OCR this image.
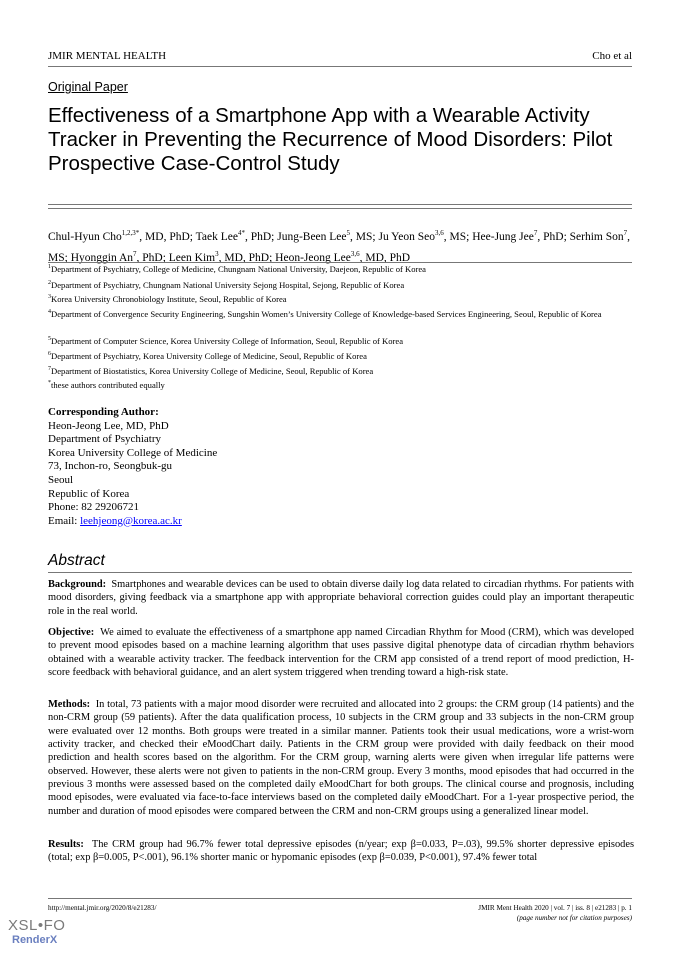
JMIR MENTAL HEALTH	Cho et al
Original Paper
Effectiveness of a Smartphone App with a Wearable Activity Tracker in Preventing the Recurrence of Mood Disorders: Pilot Prospective Case-Control Study
Chul-Hyun Cho$^{1,2,3*}$, MD, PhD; Taek Lee$^{4*}$, PhD; Jung-Been Lee$^5$, MS; Ju Yeon Seo$^{3,6}$, MS; Hee-Jung Jee$^7$, PhD; Serhim Son$^7$, MS; Hyonggin An$^7$, PhD; Leen Kim$^3$, MD, PhD; Heon-Jeong Lee$^{3,6}$, MD, PhD
$^1$Department of Psychiatry, College of Medicine, Chungnam National University, Daejeon, Republic of Korea
$^2$Department of Psychiatry, Chungnam National University Sejong Hospital, Sejong, Republic of Korea
$^3$Korea University Chronobiology Institute, Seoul, Republic of Korea
$^4$Department of Convergence Security Engineering, Sungshin Women’s University College of Knowledge-based Services Engineering, Seoul, Republic of Korea
$^5$Department of Computer Science, Korea University College of Information, Seoul, Republic of Korea
$^6$Department of Psychiatry, Korea University College of Medicine, Seoul, Republic of Korea
$^7$Department of Biostatistics, Korea University College of Medicine, Seoul, Republic of Korea
*these authors contributed equally
Corresponding Author:
Heon-Jeong Lee, MD, PhD
Department of Psychiatry
Korea University College of Medicine
73, Inchon-ro, Seongbuk-gu
Seoul
Republic of Korea
Phone: 82 29206721
Email: leehjeong@korea.ac.kr
Abstract
Background: Smartphones and wearable devices can be used to obtain diverse daily log data related to circadian rhythms. For patients with mood disorders, giving feedback via a smartphone app with appropriate behavioral correction guides could play an important therapeutic role in the real world.
Objective: We aimed to evaluate the effectiveness of a smartphone app named Circadian Rhythm for Mood (CRM), which was developed to prevent mood episodes based on a machine learning algorithm that uses passive digital phenotype data of circadian rhythm behaviors obtained with a wearable activity tracker. The feedback intervention for the CRM app consisted of a trend report of mood prediction, H-score feedback with behavioral guidance, and an alert system triggered when trending toward a high-risk state.
Methods: In total, 73 patients with a major mood disorder were recruited and allocated into 2 groups: the CRM group (14 patients) and the non-CRM group (59 patients). After the data qualification process, 10 subjects in the CRM group and 33 subjects in the non-CRM group were evaluated over 12 months. Both groups were treated in a similar manner. Patients took their usual medications, wore a wrist-worn activity tracker, and checked their eMoodChart daily. Patients in the CRM group were provided with daily feedback on their mood prediction and health scores based on the algorithm. For the CRM group, warning alerts were given when irregular life patterns were observed. However, these alerts were not given to patients in the non-CRM group. Every 3 months, mood episodes that had occurred in the previous 3 months were assessed based on the completed daily eMoodChart for both groups. The clinical course and prognosis, including mood episodes, were evaluated via face-to-face interviews based on the completed daily eMoodChart. For a 1-year prospective period, the number and duration of mood episodes were compared between the CRM and non-CRM groups using a generalized linear model.
Results: The CRM group had 96.7% fewer total depressive episodes (n/year; exp β=0.033, P=.03), 99.5% shorter depressive episodes (total; exp β=0.005, P<.001), 96.1% shorter manic or hypomanic episodes (exp β=0.039, P<0.001), 97.4% fewer total
http://mental.jmir.org/2020/8/e21283/	JMIR Ment Health 2020 | vol. 7 | iss. 8 | e21283 | p. 1
(page number not for citation purposes)
XSL•FO
RenderX
